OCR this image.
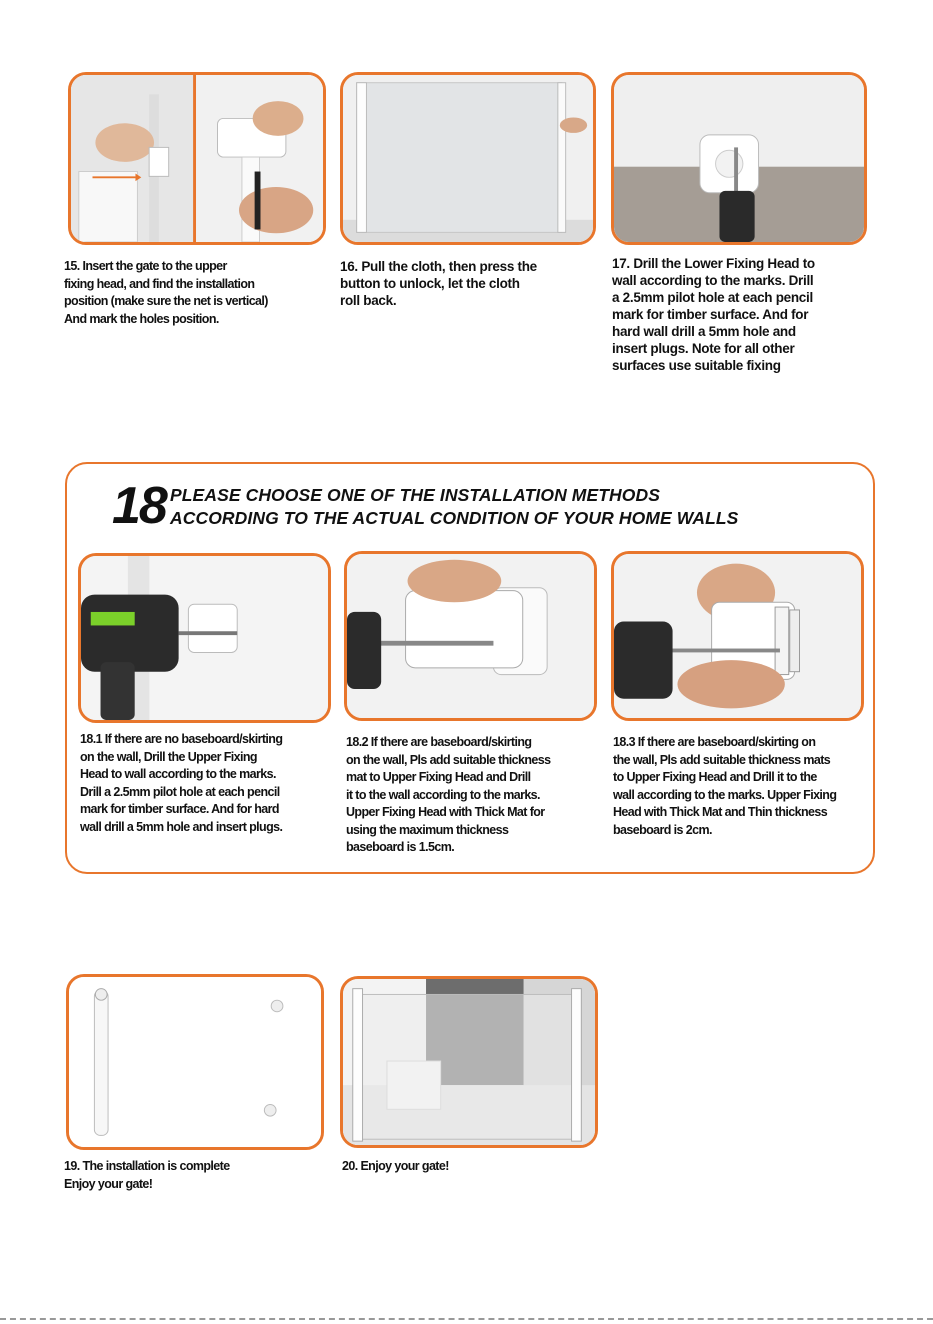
15. Insert the gate to the upper
fixing head, and find the installation
position (make sure the net is vertical)
And mark the holes position.

16. Pull the cloth, then press the
button to unlock, let the cloth
roll back.

17. Drill the Lower Fixing Head to
wall according to the marks. Drill
a 2.5mm pilot hole at each pencil
mark for timber surface. And for
hard wall drill a 5mm hole and
insert plugs. Note for all other
surfaces use suitable fixing

18 PLEASE CHOOSE ONE OF THE INSTALLATION METHODS
ACCORDING TO THE ACTUAL CONDITION OF YOUR HOME WALLS

18.1 If there are no baseboard/skirting
on the wall, Drill the Upper Fixing
Head to wall according to the marks.
Drill a 2.5mm pilot hole at each pencil
mark for timber surface. And for hard
wall drill a 5mm hole and insert plugs.

18.2 If there are baseboard/skirting
on the wall, Pls add suitable thickness
mat to Upper Fixing Head and Drill
it to the wall according to the marks.
Upper Fixing Head with Thick Mat for
using the maximum thickness
baseboard is 1.5cm.

18.3 If there are baseboard/skirting on
the wall, Pls add suitable thickness mats
to Upper Fixing Head and Drill it to the
wall according to the marks. Upper Fixing
Head with Thick Mat and Thin thickness
baseboard is 2cm.

19. The installation is complete
Enjoy your gate!

20. Enjoy your gate!
